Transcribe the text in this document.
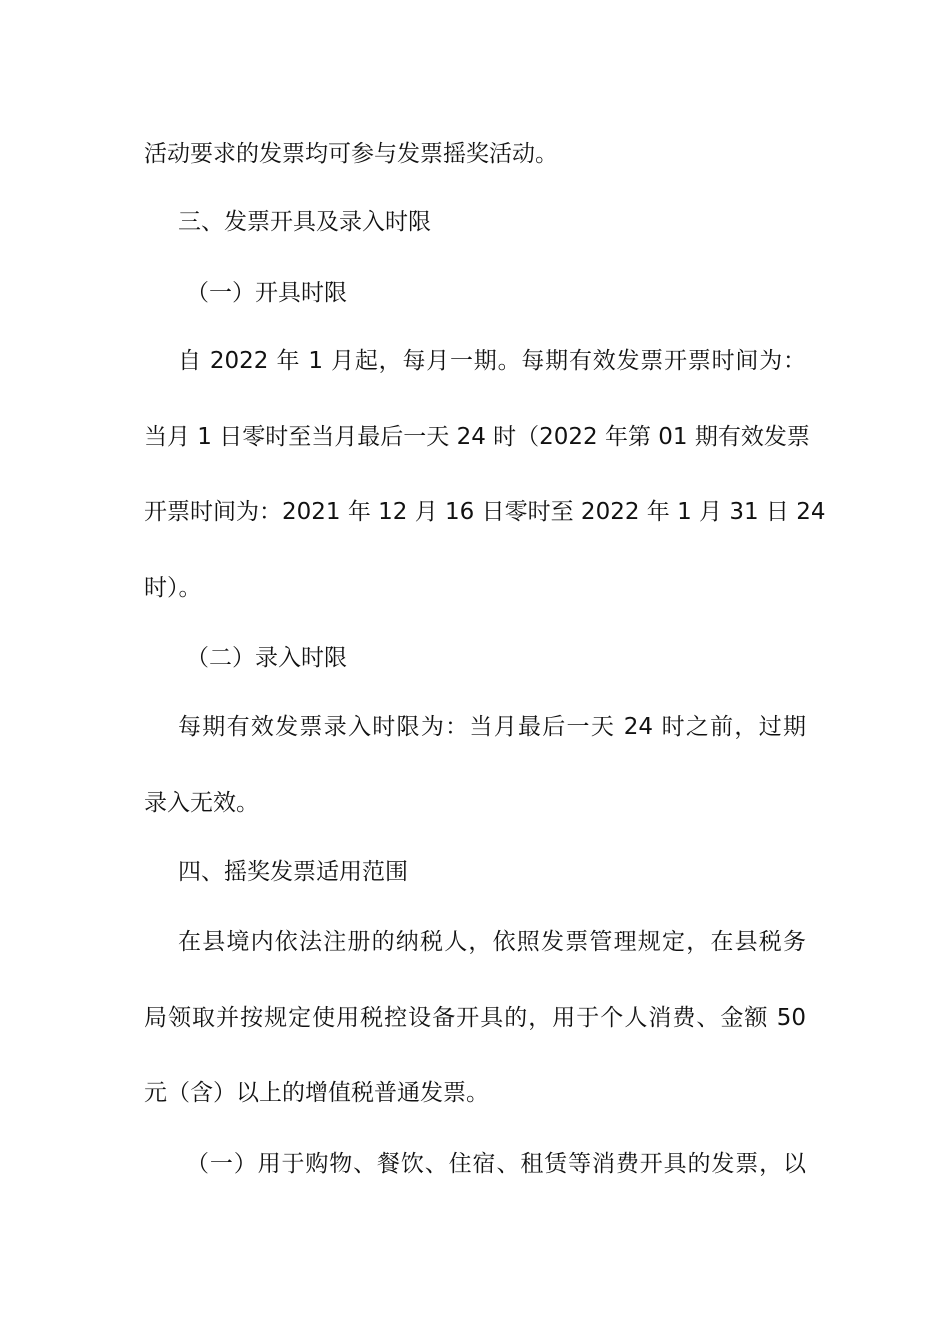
活动要求的发票均可参与发票摇奖活动。
三、发票开具及录入时限
（一）开具时限
自 2022 年 1 月起，每月一期。每期有效发票开票时间为：
当月 1 日零时至当月最后一天 24 时（2022 年第 01 期有效发票
开票时间为：2021 年 12 月 16 日零时至 2022 年 1 月 31 日 24
时）。
（二）录入时限
每期有效发票录入时限为：当月最后一天 24 时之前，过期
录入无效。
四、摇奖发票适用范围
在县境内依法注册的纳税人，依照发票管理规定，在县税务
局领取并按规定使用税控设备开具的，用于个人消费、金额 50
元（含）以上的增值税普通发票。
（一）用于购物、餐饮、住宿、租赁等消费开具的发票，以
